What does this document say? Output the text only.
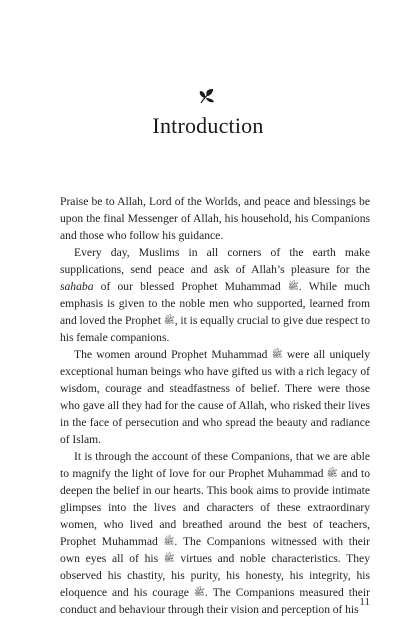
Introduction

Praise be to Allah, Lord of the Worlds, and peace and blessings be upon the final Messenger of Allah, his household, his Companions and those who follow his guidance.

Every day, Muslims in all corners of the earth make supplications, send peace and ask of Allah’s pleasure for the sahaba of our blessed Prophet Muhammad ﷺ. While much emphasis is given to the noble men who supported, learned from and loved the Prophet ﷺ, it is equally crucial to give due respect to his female companions.

The women around Prophet Muhammad ﷺ were all uniquely exceptional human beings who have gifted us with a rich legacy of wisdom, courage and steadfastness of belief. There were those who gave all they had for the cause of Allah, who risked their lives in the face of persecution and who spread the beauty and radiance of Islam.

It is through the account of these Companions, that we are able to magnify the light of love for our Prophet Muhammad ﷺ and to deepen the belief in our hearts. This book aims to provide intimate glimpses into the lives and characters of these extraordinary women, who lived and breathed around the best of teachers, Prophet Muhammad ﷺ. The Companions witnessed with their own eyes all of his ﷺ virtues and noble characteristics. They observed his chastity, his purity, his honesty, his integrity, his eloquence and his courage ﷺ. The Companions measured their conduct and behaviour through their vision and perception of his

11
